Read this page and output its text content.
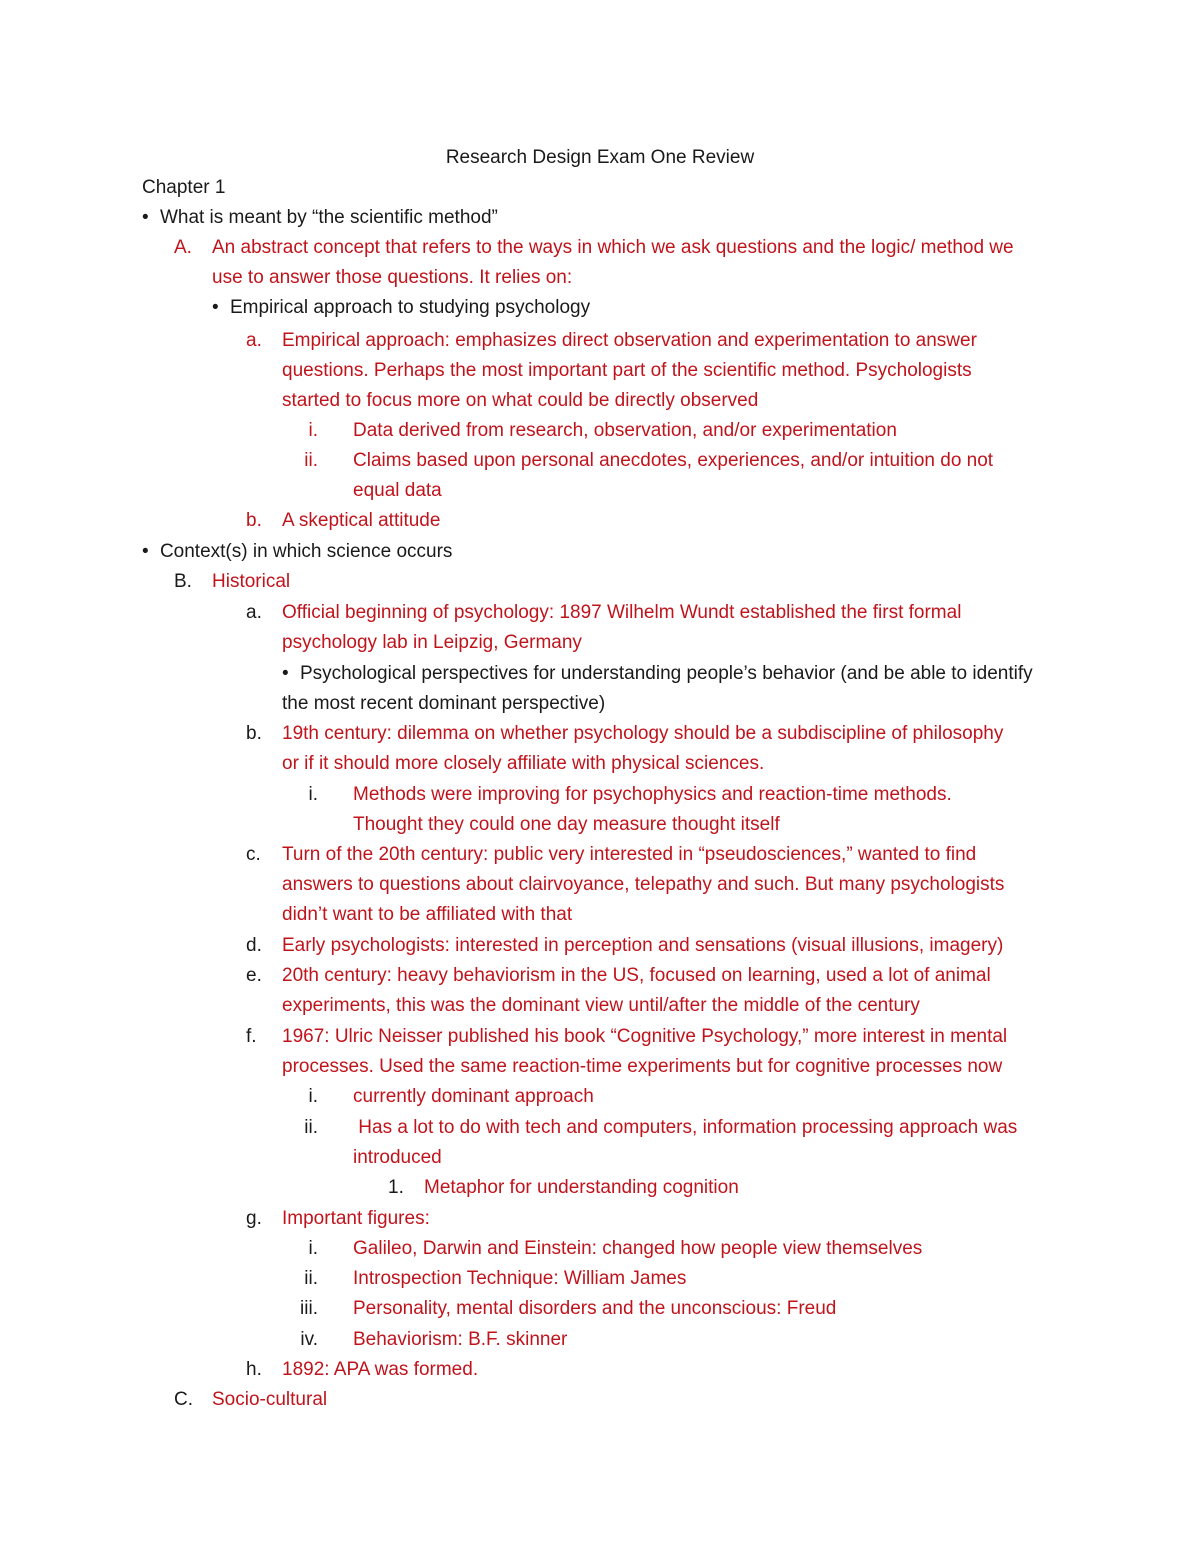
Research Design Exam One Review
Chapter 1
• What is meant by “the scientific method”
A. An abstract concept that refers to the ways in which we ask questions and the logic/ method we
use to answer those questions. It relies on:
• Empirical approach to studying psychology
a. Empirical approach: emphasizes direct observation and experimentation to answer
questions. Perhaps the most important part of the scientific method. Psychologists
started to focus more on what could be directly observed
i. Data derived from research, observation, and/or experimentation
ii. Claims based upon personal anecdotes, experiences, and/or intuition do not
equal data
b. A skeptical attitude
• Context(s) in which science occurs
B. Historical
a. Official beginning of psychology: 1897 Wilhelm Wundt established the first formal
psychology lab in Leipzig, Germany
• Psychological perspectives for understanding people’s behavior (and be able to identify
the most recent dominant perspective)
b. 19th century: dilemma on whether psychology should be a subdiscipline of philosophy
or if it should more closely affiliate with physical sciences.
i. Methods were improving for psychophysics and reaction-time methods.
Thought they could one day measure thought itself
c. Turn of the 20th century: public very interested in “pseudosciences,” wanted to find
answers to questions about clairvoyance, telepathy and such. But many psychologists
didn’t want to be affiliated with that
d. Early psychologists: interested in perception and sensations (visual illusions, imagery)
e. 20th century: heavy behaviorism in the US, focused on learning, used a lot of animal
experiments, this was the dominant view until/after the middle of the century
f. 1967: Ulric Neisser published his book “Cognitive Psychology,” more interest in mental
processes. Used the same reaction-time experiments but for cognitive processes now
i. currently dominant approach
ii. Has a lot to do with tech and computers, information processing approach was
introduced
1. Metaphor for understanding cognition
g. Important figures:
i. Galileo, Darwin and Einstein: changed how people view themselves
ii. Introspection Technique: William James
iii. Personality, mental disorders and the unconscious: Freud
iv. Behaviorism: B.F. skinner
h. 1892: APA was formed.
C. Socio-cultural
